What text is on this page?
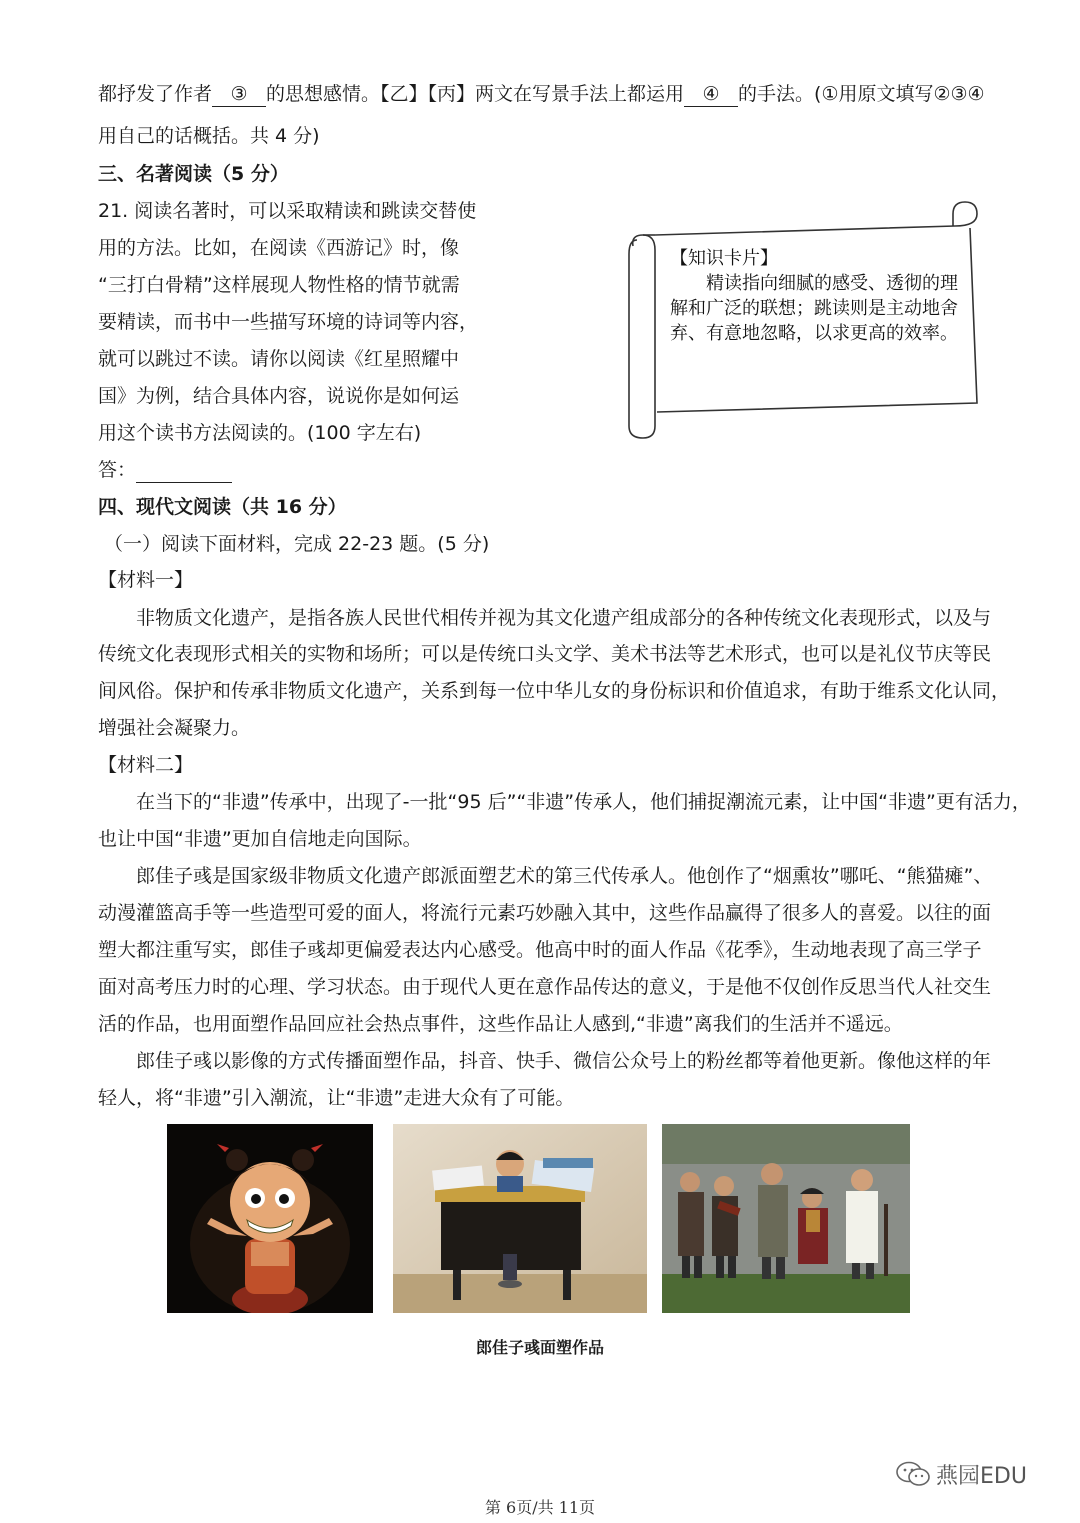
都抒发了作者 ③ 的思想感情。【乙】【丙】两文在写景手法上都运用 ④ 的手法。(①用原文填写②③④
用自己的话概括。共 4 分)
三、名著阅读（5 分）
21. 阅读名著时，可以采取精读和跳读交替使
用的方法。比如，在阅读《西游记》时，像
“三打白骨精”这样展现人物性格的情节就需
要精读，而书中一些描写环境的诗词等内容，
就可以跳过不读。请你以阅读《红星照耀中
国》为例，结合具体内容，说说你是如何运
用这个读书方法阅读的。(100 字左右)
答：
【知识卡片】
精读指向细腻的感受、透彻的理解和广泛的联想；跳读则是主动地舍弃、有意地忽略，以求更高的效率。
四、现代文阅读（共 16 分）
（一）阅读下面材料，完成 22-23 题。(5 分)
【材料一】
非物质文化遗产，是指各族人民世代相传并视为其文化遗产组成部分的各种传统文化表现形式，以及与
传统文化表现形式相关的实物和场所；可以是传统口头文学、美术书法等艺术形式，也可以是礼仪节庆等民
间风俗。保护和传承非物质文化遗产，关系到每一位中华儿女的身份标识和价值追求，有助于维系文化认同，
增强社会凝聚力。
【材料二】
在当下的“非遗”传承中，出现了-一批“95 后”“非遗”传承人，他们捕捉潮流元素，让中国“非遗”更有活力，
也让中国“非遗”更加自信地走向国际。
郎佳子彧是国家级非物质文化遗产郎派面塑艺术的第三代传承人。他创作了“烟熏妆”哪吒、“熊猫瘫”、
动漫灌篮高手等一些造型可爱的面人，将流行元素巧妙融入其中，这些作品赢得了很多人的喜爱。以往的面
塑大都注重写实，郎佳子彧却更偏爱表达内心感受。他高中时的面人作品《花季》，生动地表现了高三学子
面对高考压力时的心理、学习状态。由于现代人更在意作品传达的意义，于是他不仅创作反思当代人社交生
活的作品，也用面塑作品回应社会热点事件，这些作品让人感到,“非遗”离我们的生活并不遥远。
郎佳子彧以影像的方式传播面塑作品，抖音、快手、微信公众号上的粉丝都等着他更新。像他这样的年
轻人，将“非遗”引入潮流，让“非遗”走进大众有了可能。
郎佳子彧面塑作品
燕园EDU
第 6页/共 11页
